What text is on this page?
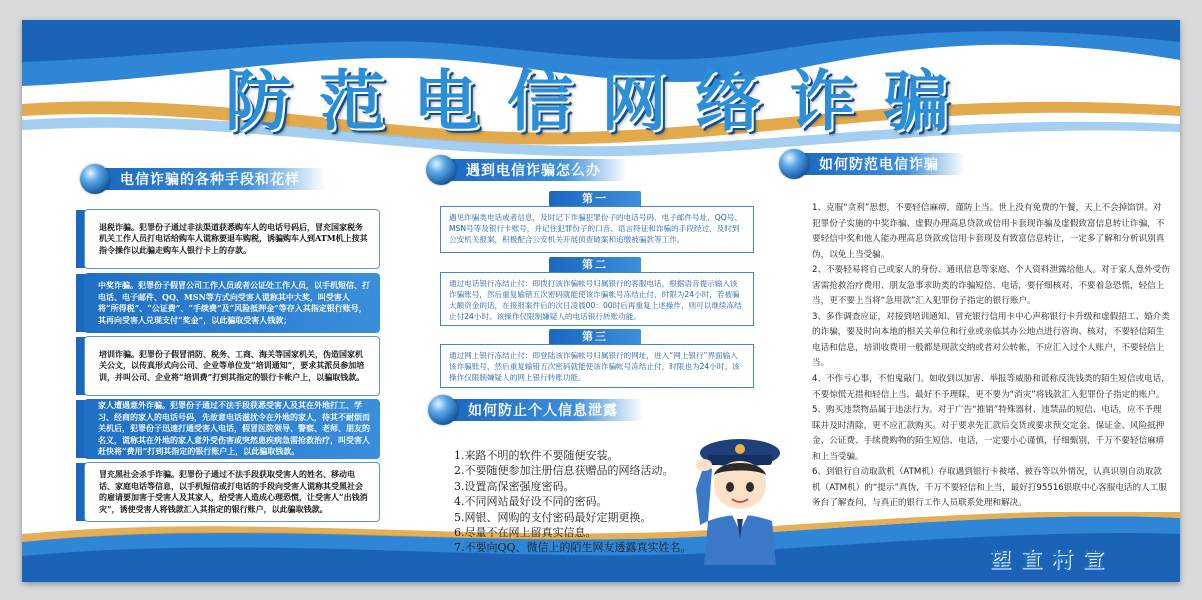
防范电信网络诈骗
电信诈骗的各种手段和花样
1	退税诈骗。犯罪份子通过非法渠道获悉购车人的电话号码后，冒充国家税务机关工作人员打电话给购车人谎称要退车购税，诱骗购车人到ATM机上按其指令操作以此骗走购车人银行卡上的存款。
2
中奖诈骗。犯罪份子假冒公司工作人员或者公证处工作人员，以手机短信、打电话、电子邮件、QQ、MSN等方式向受害人谎称其中大奖，叫受害人将“所得税”、“公证费”、“手续费”及“风险抵押金”等存入其指定银行账号，其再向受害人兑现支付“奖金”，以此骗取受害人钱款；
3	培训诈骗。犯罪份子假冒消防、税务、工商、海关等国家机关，伪造国家机关公文，以传真形式向公司、企业等单位发“培训通知”，要求其派员参加培训，并叫公司、企业将“培训费”打到其指定的银行卡帐户上，以骗取钱款。
4
家人遭遇意外诈骗。犯罪份子通过不法手段获悉受害人及其在外地打工、学习、经商的家人的电话号码，先故意电话滋扰令在外地的家人，待其不耐烦而关机后，犯罪份子迅速打通受害人电话，假冒医院领导、警察、老师、朋友的名义，谎称其在外地的家人意外受伤害或突然患疾病急需抢救治疗，叫受害人赶快将“费用”打到其指定的银行账户上，以此骗取钱款。
5
冒充黑社会杀手诈骗。犯罪份子通过不法手段获取受害人的姓名、移动电话、家庭电话等信息，以手机短信或打电话的手段向受害人谎称其受黑社会的雇请要加害于受害人及其家人，给受害人造成心理恐慌，让受害人“出钱消灾”，诱使受害人将钱款汇入其指定的银行账户，以此骗取钱款。
遇到电信诈骗怎么办
第一
遇见诈骗类电话或者信息，及时记下诈骗犯罪份子的电话号码、电子邮件号址、QQ号、MSN号等及银行卡账号，并记住犯罪份子的口音、语言特征和诈骗的手段经过，及时到公安机关报案，积极配合公安机关开展侦查破案和追缴被骗款等工作。
第二
通过电话银行冻结止付：即拨打该诈骗帐号归属银行的客服电话，根据语音提示输入该诈骗账号，然后重复输错五次密码就能使该诈骗帐号冻结止付，时限为24小时，若被骗大额资金的话，在接报案件后的次日凌晨00：00时后再重复上述操作，则可以继续冻结止付24小时。该操作仅限制嫌疑人的电话银行转账功能。
第三
通过网上银行冻结止付：即登陆该诈骗帐号归属银行的网址，进入“网上银行”界面输入该诈骗账号，然后重复输错五次密码就能使该诈骗帐号冻结止付，时限也为24小时。该操作仅限制嫌疑人的网上银行转账功能。
如何防止个人信息泄露
1.来路不明的软件不要随便安装。
2.不要随便参加注册信息获赠品的网络活动。
3.设置高保密强度密码。
4.不同网站最好设不同的密码。
5.网银、网购的支付密码最好定期更换。
6.尽量不在网上留真实信息。
7.不要向QQ、微信上的陌生网友透露真实姓名。
如何防范电信诈骗

1、克服“贪利”思想，不要轻信麻痹，谨防上当。世上没有免费的午餐，天上不会掉馅饼。对犯罪份子实施的中奖诈骗、虚假办理高息贷款或信用卡套现诈骗及虚假致富信息转让诈骗，不要轻信中奖和他人能办理高息贷款或信用卡套现及有致富信息转让，一定多了解和分析识别真伪，以免上当受骗。

2、不要轻易将自己或家人的身份、通讯信息等家庭、个人资料泄露给他人。对于家人意外受伤害需抢救治疗费用、朋友急事求助类的诈骗短信、电话，要仔细核对，不要着急恐慌，轻信上当，更不要上当将“急用款”汇入犯罪份子指定的银行账户。

3、多作调查应证，对接到培训通知、冒充银行信用卡中心声称银行卡升级和虚假招工、婚介类的诈骗，要及时向本地的相关关单位和行业或亲临其办公地点进行咨询、核对，不要轻信陌生电话和信息，培训收费用一般都是现款交纳或者对公转帐，不应汇入过个人账户，不要轻信上当。

4、不作亏心事，不怕鬼敲门。如收到以加害、举报等威胁和谎称反洗钱类的陌生短信或电话，不要惊慌无措和轻信上当，最好不予理睬，更不要为“消灾”将钱款汇入犯罪份子指定的账户。

5、购买违禁物品属于违法行为。对于广告“推销”特殊器材、违禁品的短信、电话，应不予理睬并及时清除，更不应汇款购买。对于要求先汇款后交货或要求预交定金、保证金、风险抵押金、公证费、手续费购物的陌生短信、电话，一定要小心谨慎，仔细甄别，千万不要轻信麻痹和上当受骗。

6、到银行自动取款机（ATM机）存取遇到银行卡被堵、被吞等以外情况，认真识别自动取款机（ATM机）的“提示”真伪，千万不要轻信和上当，最好打95516银联中心客服电话的人工服务台了解查问，与真正的银行工作人员联系处理和解决。

望直村宣
